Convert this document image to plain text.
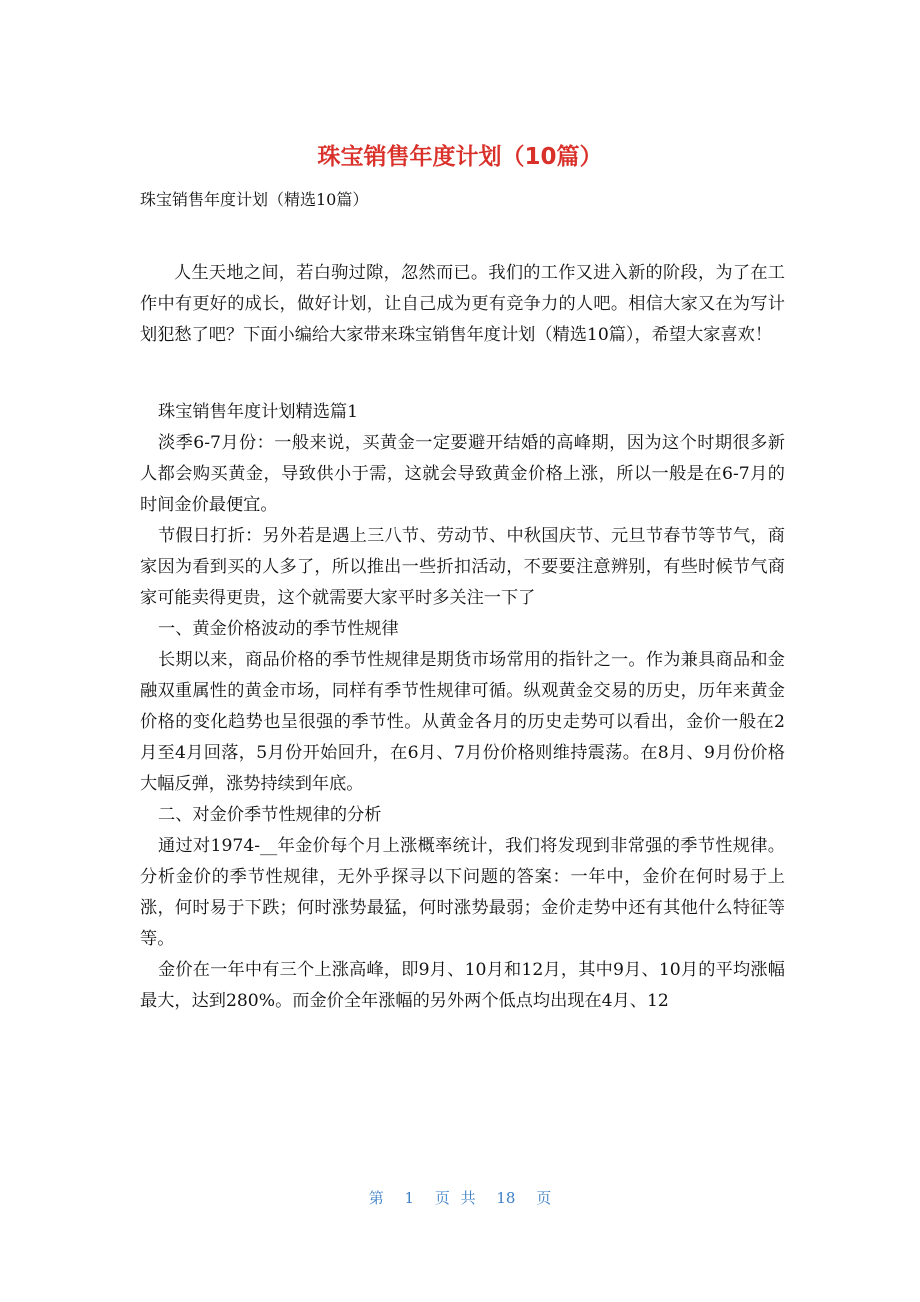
珠宝销售年度计划（10篇）

珠宝销售年度计划（精选10篇）

人生天地之间，若白驹过隙，忽然而已。我们的工作又进入新的阶段，为了在工作中有更好的成长，做好计划，让自己成为更有竞争力的人吧。相信大家又在为写计划犯愁了吧？下面小编给大家带来珠宝销售年度计划（精选10篇），希望大家喜欢！

珠宝销售年度计划精选篇1

淡季6-7月份：一般来说，买黄金一定要避开结婚的高峰期，因为这个时期很多新人都会购买黄金，导致供小于需，这就会导致黄金价格上涨，所以一般是在6-7月的时间金价最便宜。

节假日打折：另外若是遇上三八节、劳动节、中秋国庆节、元旦节春节等节气，商家因为看到买的人多了，所以推出一些折扣活动，不要要注意辨别，有些时候节气商家可能卖得更贵，这个就需要大家平时多关注一下了

一、黄金价格波动的季节性规律

长期以来，商品价格的季节性规律是期货市场常用的指针之一。作为兼具商品和金融双重属性的黄金市场，同样有季节性规律可循。纵观黄金交易的历史，历年来黄金价格的变化趋势也呈很强的季节性。从黄金各月的历史走势可以看出，金价一般在2月至4月回落，5月份开始回升，在6月、7月份价格则维持震荡。在8月、9月份价格大幅反弹，涨势持续到年底。

二、对金价季节性规律的分析

通过对1974-__年金价每个月上涨概率统计，我们将发现到非常强的季节性规律。分析金价的季节性规律，无外乎探寻以下问题的答案：一年中，金价在何时易于上涨，何时易于下跌；何时涨势最猛，何时涨势最弱；金价走势中还有其他什么特征等等。

金价在一年中有三个上涨高峰，即9月、10月和12月，其中9月、10月的平均涨幅最大，达到280%。而金价全年涨幅的另外两个低点均出现在4月、12

第 1 页 共 18 页
